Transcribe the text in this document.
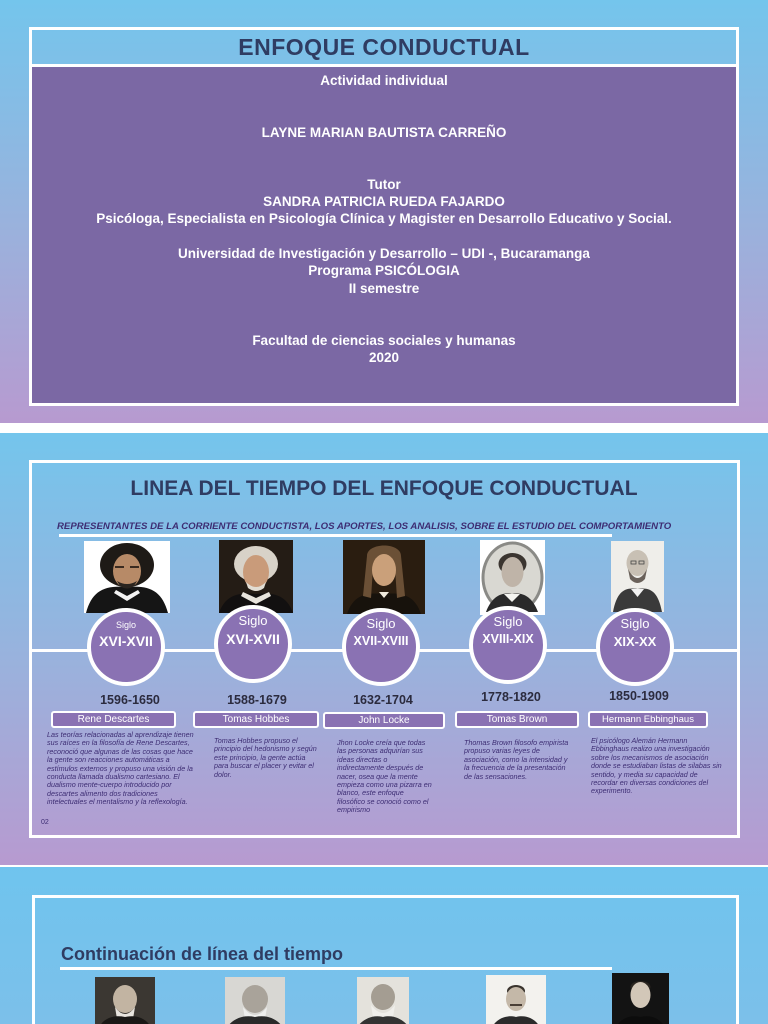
ENFOQUE CONDUCTUAL
Actividad individual
LAYNE MARIAN BAUTISTA CARREÑO
Tutor
SANDRA PATRICIA RUEDA FAJARDO
Psicóloga, Especialista en Psicología Clínica y Magister en Desarrollo Educativo y Social.
Universidad de Investigación y Desarrollo – UDI -, Bucaramanga
Programa PSICÓLOGIA
II semestre
Facultad de ciencias sociales y humanas
2020
LINEA DEL TIEMPO DEL ENFOQUE CONDUCTUAL
REPRESENTANTES DE LA CORRIENTE CONDUCTISTA, LOS APORTES, LOS ANALISIS, SOBRE EL ESTUDIO DEL COMPORTAMIENTO
Siglo
XVI-XVII
1596-1650
Rene Descartes
Las teorías relacionadas al aprendizaje tienen sus raíces en la filosofía de Rene Descartes, reconoció que algunas de las cosas que hace la gente son reacciones automáticas a estímulos externos y propuso una visión de la conducta llamada dualismo cartesiano. El dualismo mente-cuerpo introducido por descartes alimento dos tradiciones intelectuales el mentalismo y la reflexología.
Siglo
XVI-XVII
1588-1679
Tomas Hobbes
Tomas Hobbes propuso el principio del hedonismo y según este principio, la gente actúa para buscar el placer y evitar el dolor.
Siglo
XVII-XVIII
1632-1704
John Locke
Jhon Locke creía que todas las personas adquirían sus ideas directas o indirectamente después de nacer, osea que la mente empieza como una pizarra en blanco, este enfoque filosófico se conoció como el empirismo
Siglo
XVIII-XIX
1778-1820
Tomas Brown
Thomas Brown filosofo empirista propuso varias leyes de asociación, como la intensidad y la frecuencia de la presentación de las sensaciones.
Siglo
XIX-XX
1850-1909
Hermann Ebbinghaus
El psicólogo Alemán Hermann Ebbinghaus realizo una investigación sobre los mecanismos de asociación donde se estudiaban listas de silabas sin sentido, y media su capacidad de recordar en diversas condiciones del experimento.
02
Continuación de línea del tiempo
